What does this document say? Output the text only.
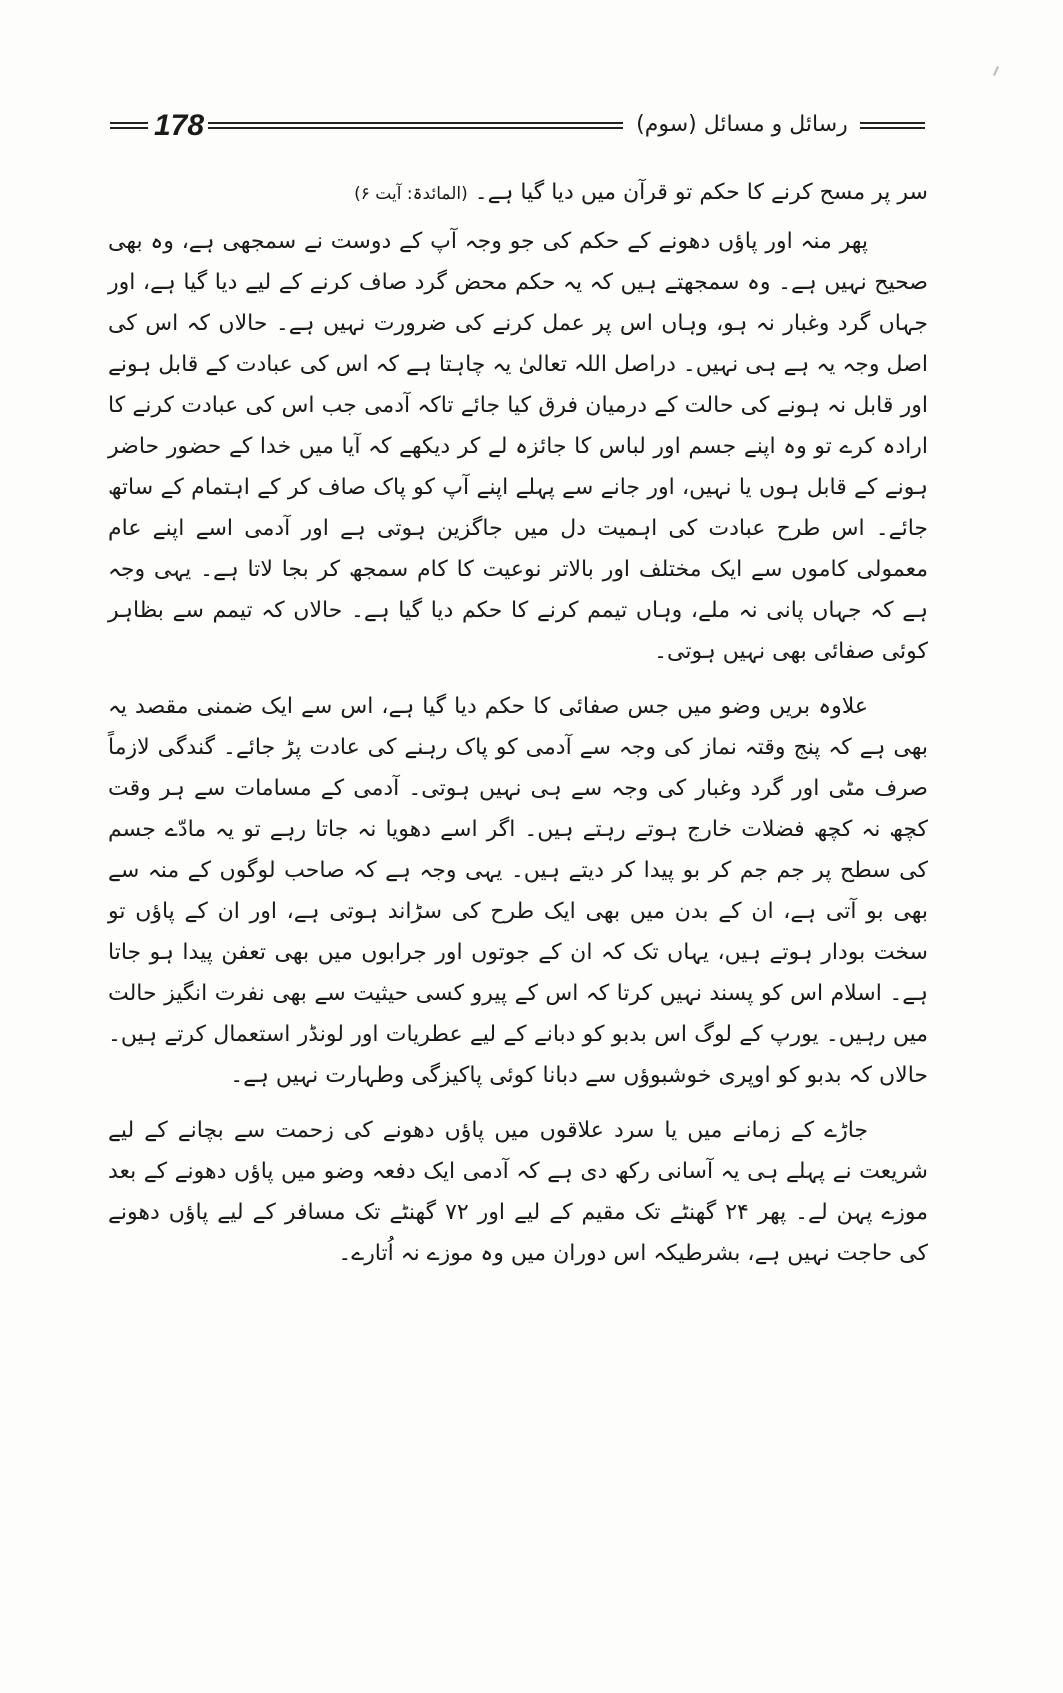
178	رسائل و مسائل (سوم)

سر پر مسح کرنے کا حکم تو قرآن میں دیا گیا ہے۔ (المائدۃ: آیت ۶)

پھر منہ اور پاؤں دھونے کے حکم کی جو وجہ آپ کے دوست نے سمجھی ہے، وہ بھی صحیح نہیں ہے۔ وہ سمجھتے ہیں کہ یہ حکم محض گرد صاف کرنے کے لیے دیا گیا ہے، اور جہاں گرد وغبار نہ ہو، وہاں اس پر عمل کرنے کی ضرورت نہیں ہے۔ حالاں کہ اس کی اصل وجہ یہ ہے ہی نہیں۔ دراصل اللہ تعالیٰ یہ چاہتا ہے کہ اس کی عبادت کے قابل ہونے اور قابل نہ ہونے کی حالت کے درمیان فرق کیا جائے تاکہ آدمی جب اس کی عبادت کرنے کا ارادہ کرے تو وہ اپنے جسم اور لباس کا جائزہ لے کر دیکھے کہ آیا میں خدا کے حضور حاضر ہونے کے قابل ہوں یا نہیں، اور جانے سے پہلے اپنے آپ کو پاک صاف کر کے اہتمام کے ساتھ جائے۔ اس طرح عبادت کی اہمیت دل میں جاگزین ہوتی ہے اور آدمی اسے اپنے عام معمولی کاموں سے ایک مختلف اور بالاتر نوعیت کا کام سمجھ کر بجا لاتا ہے۔ یہی وجہ ہے کہ جہاں پانی نہ ملے، وہاں تیمم کرنے کا حکم دیا گیا ہے۔ حالاں کہ تیمم سے بظاہر کوئی صفائی بھی نہیں ہوتی۔

علاوہ بریں وضو میں جس صفائی کا حکم دیا گیا ہے، اس سے ایک ضمنی مقصد یہ بھی ہے کہ پنج وقتہ نماز کی وجہ سے آدمی کو پاک رہنے کی عادت پڑ جائے۔ گندگی لازماً صرف مٹی اور گرد وغبار کی وجہ سے ہی نہیں ہوتی۔ آدمی کے مسامات سے ہر وقت کچھ نہ کچھ فضلات خارج ہوتے رہتے ہیں۔ اگر اسے دھویا نہ جاتا رہے تو یہ مادّے جسم کی سطح پر جم جم کر بو پیدا کر دیتے ہیں۔ یہی وجہ ہے کہ صاحب لوگوں کے منہ سے بھی بو آتی ہے، ان کے بدن میں بھی ایک طرح کی سڑاند ہوتی ہے، اور ان کے پاؤں تو سخت بودار ہوتے ہیں، یہاں تک کہ ان کے جوتوں اور جرابوں میں بھی تعفن پیدا ہو جاتا ہے۔ اسلام اس کو پسند نہیں کرتا کہ اس کے پیرو کسی حیثیت سے بھی نفرت انگیز حالت میں رہیں۔ یورپ کے لوگ اس بدبو کو دبانے کے لیے عطریات اور لونڈر استعمال کرتے ہیں۔ حالاں کہ بدبو کو اوپری خوشبوؤں سے دبانا کوئی پاکیزگی وطہارت نہیں ہے۔

جاڑے کے زمانے میں یا سرد علاقوں میں پاؤں دھونے کی زحمت سے بچانے کے لیے شریعت نے پہلے ہی یہ آسانی رکھ دی ہے کہ آدمی ایک دفعہ وضو میں پاؤں دھونے کے بعد موزے پہن لے۔ پھر ۲۴ گھنٹے تک مقیم کے لیے اور ۷۲ گھنٹے تک مسافر کے لیے پاؤں دھونے کی حاجت نہیں ہے، بشرطیکہ اس دوران میں وہ موزے نہ اُتارے۔
